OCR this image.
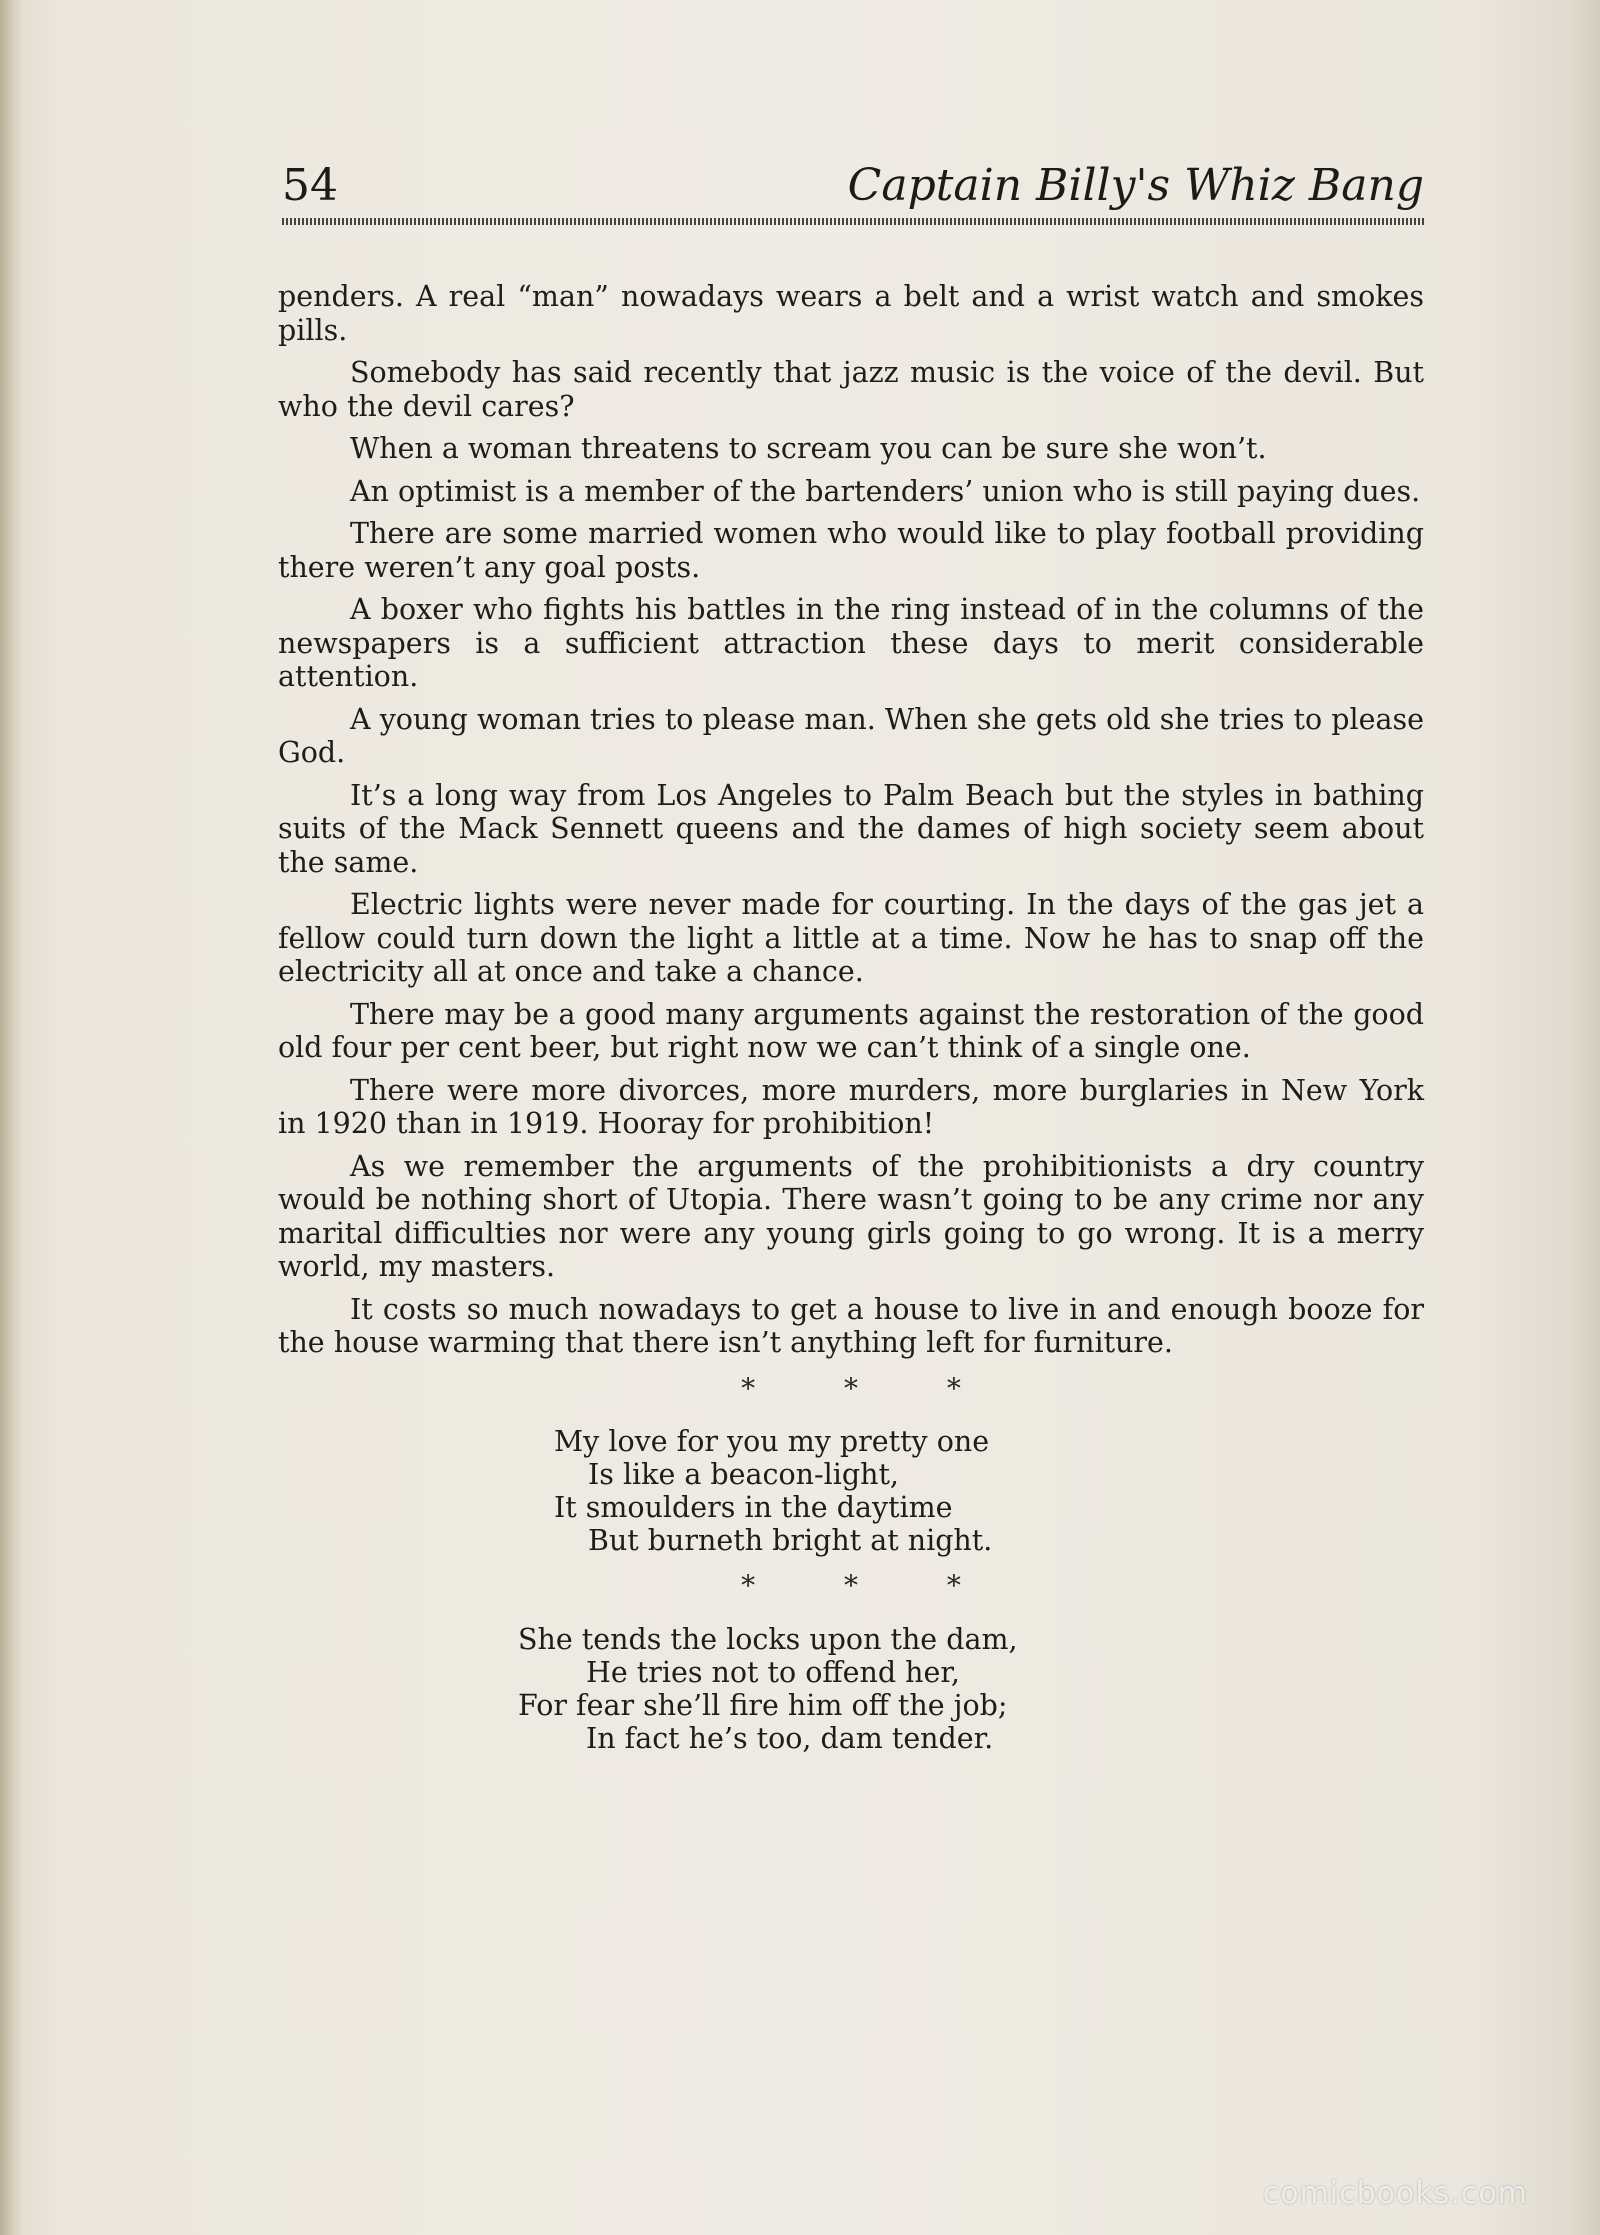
54	Captain Billy's Whiz Bang

penders. A real “man” nowadays wears a belt and a wrist watch and smokes pills.

Somebody has said recently that jazz music is the voice of the devil. But who the devil cares?

When a woman threatens to scream you can be sure she won’t.

An optimist is a member of the bartenders’ union who is still paying dues.

There are some married women who would like to play football providing there weren’t any goal posts.

A boxer who fights his battles in the ring instead of in the columns of the newspapers is a sufficient attraction these days to merit considerable attention.

A young woman tries to please man. When she gets old she tries to please God.

It’s a long way from Los Angeles to Palm Beach but the styles in bathing suits of the Mack Sennett queens and the dames of high society seem about the same.

Electric lights were never made for courting. In the days of the gas jet a fellow could turn down the light a little at a time. Now he has to snap off the electricity all at once and take a chance.

There may be a good many arguments against the restoration of the good old four per cent beer, but right now we can’t think of a single one.

There were more divorces, more murders, more burglaries in New York in 1920 than in 1919. Hooray for prohibition!

As we remember the arguments of the prohibitionists a dry country would be nothing short of Utopia. There wasn’t going to be any crime nor any marital difficulties nor were any young girls going to go wrong. It is a merry world, my masters.

It costs so much nowadays to get a house to live in and enough booze for the house warming that there isn’t anything left for furniture.

* * *
My love for you my pretty one
Is like a beacon-light,
It smoulders in the daytime
But burneth bright at night.
* * *
She tends the locks upon the dam,
He tries not to offend her,
For fear she’ll fire him off the job;
In fact he’s too, dam tender.
comicbooks.com
